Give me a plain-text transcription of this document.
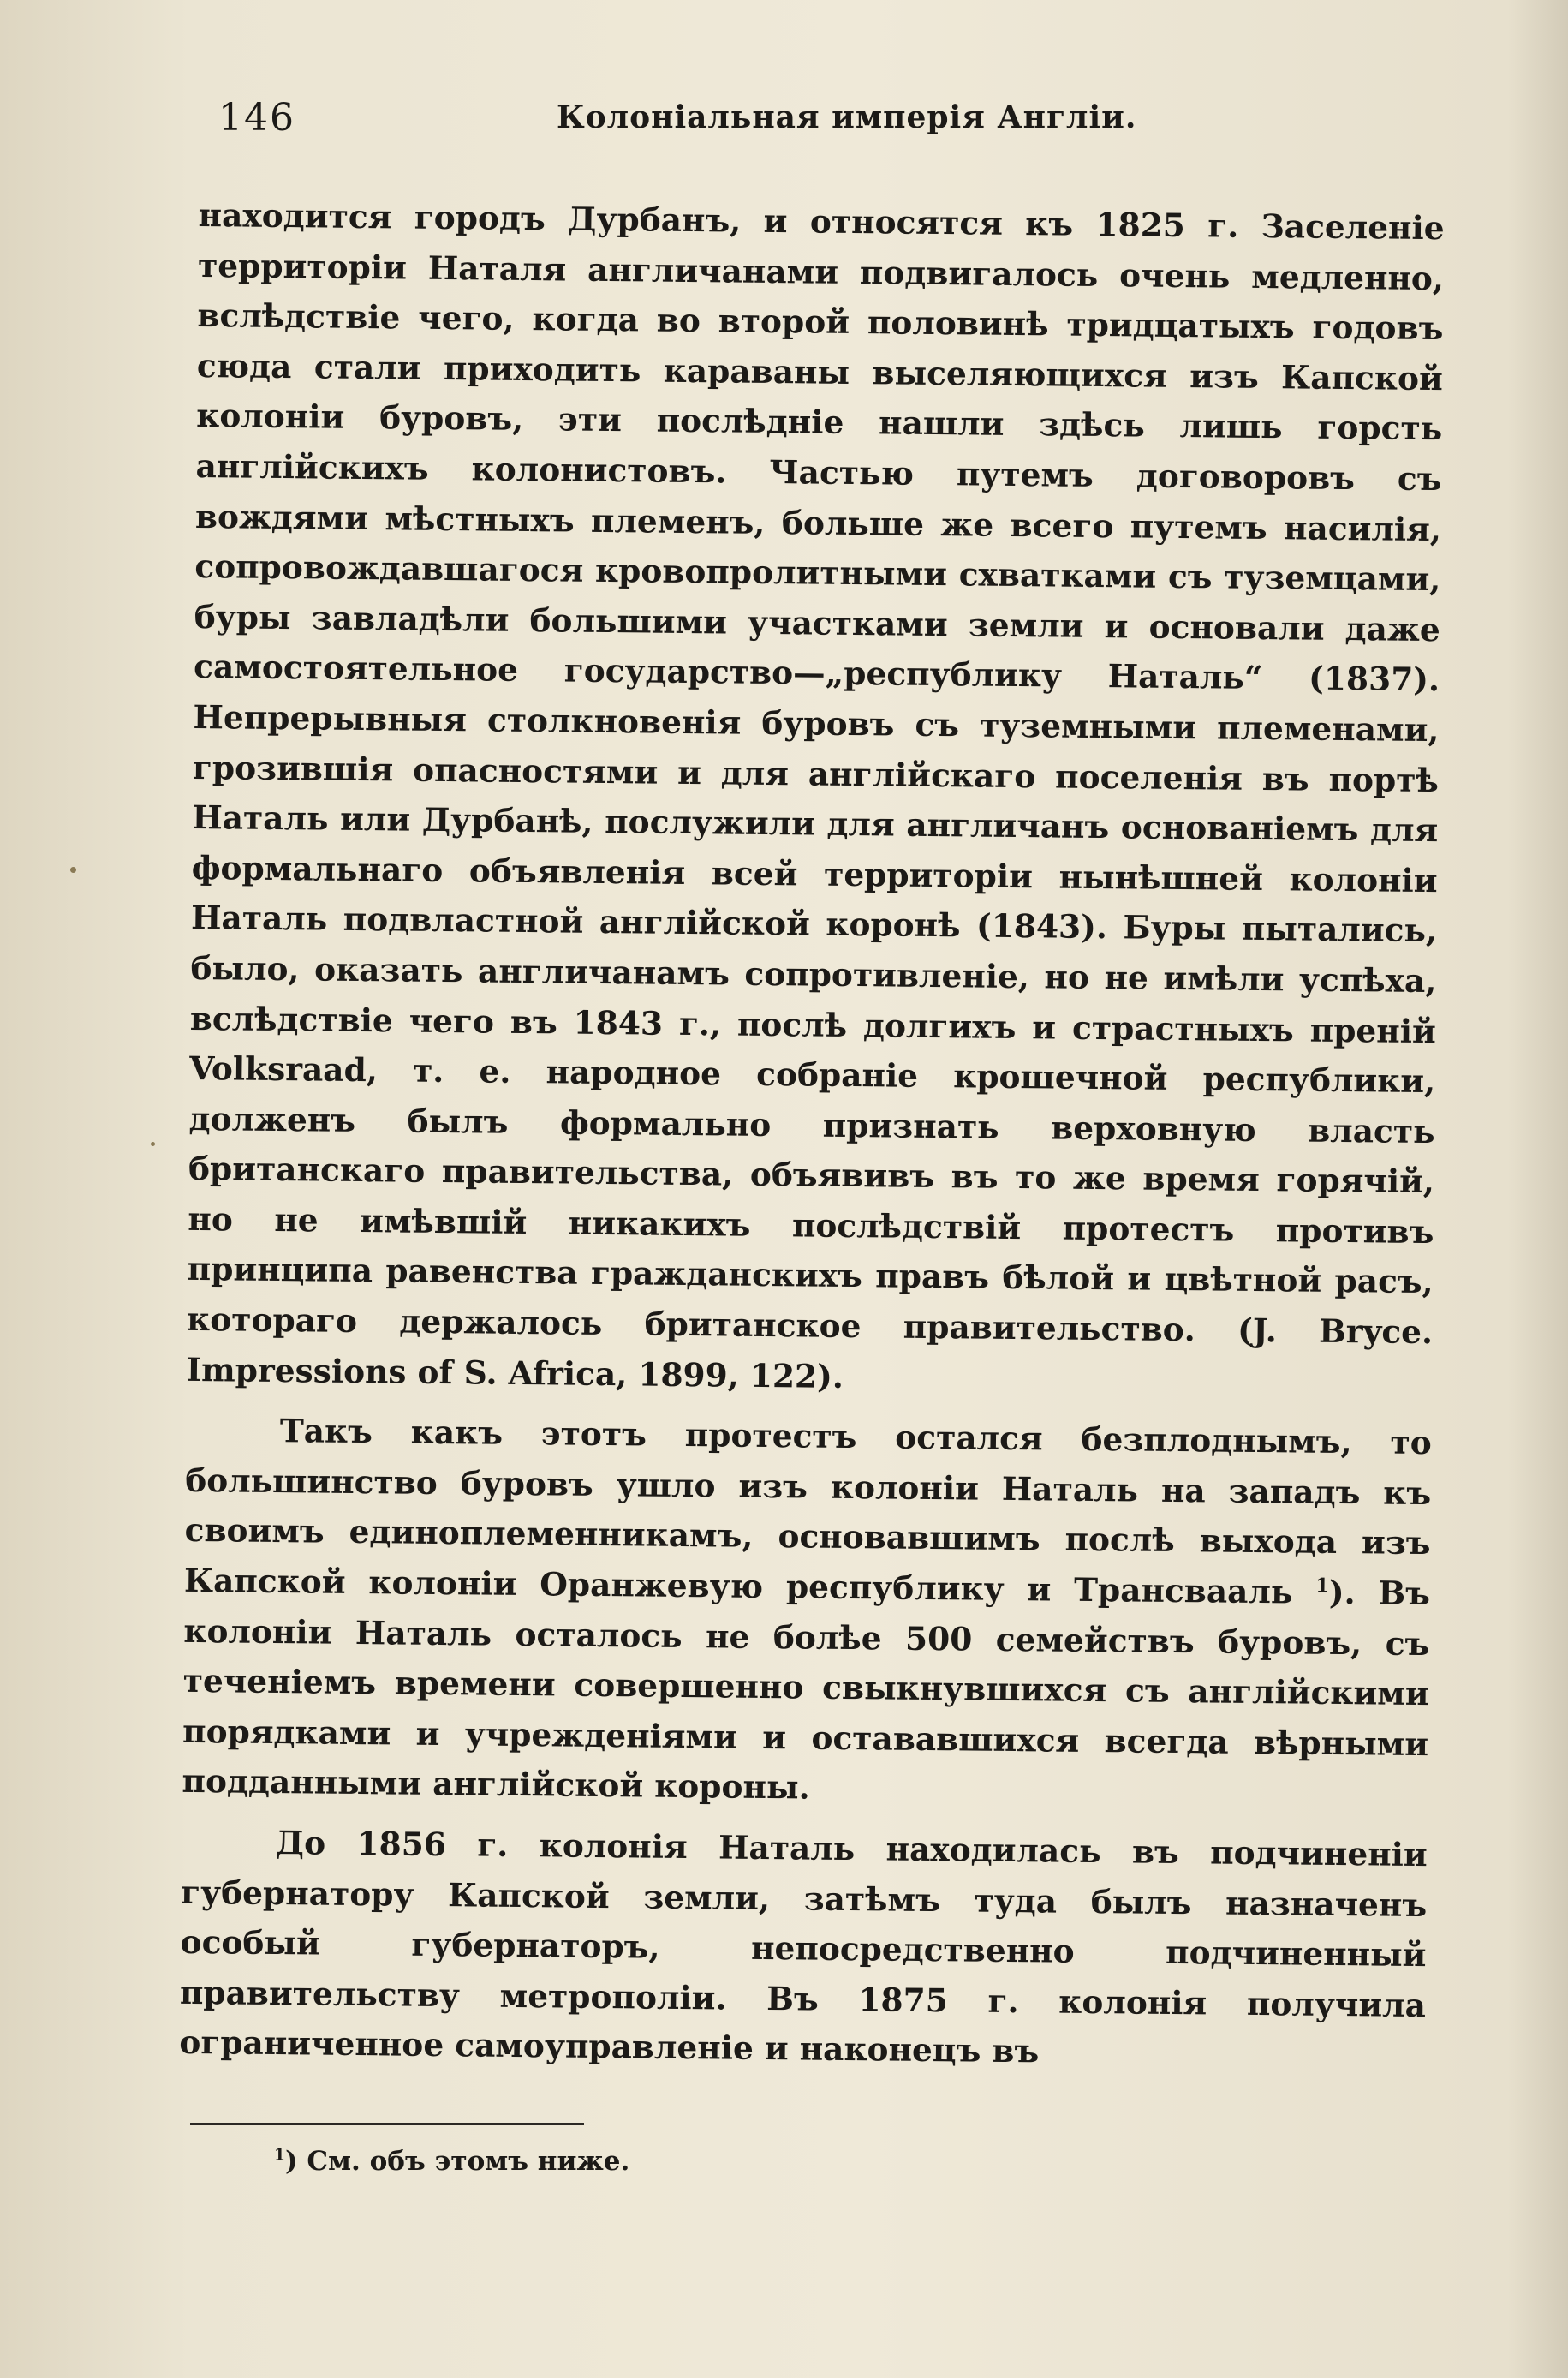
146	Колоніальная имперія Англіи.

находится городъ Дурбанъ, и относятся къ 1825 г. Заселеніе территоріи Наталя англичанами подвигалось очень медленно, вслѣдствіе чего, когда во второй половинѣ тридцатыхъ годовъ сюда стали приходить караваны выселяющихся изъ Капской колоніи буровъ, эти послѣдніе нашли здѣсь лишь горсть англійскихъ колонистовъ. Частью путемъ договоровъ съ вождями мѣстныхъ племенъ, больше же всего путемъ насилія, сопровождавшагося кровопролитными схватками съ туземцами, буры завладѣли большими участками земли и основали даже самостоятельное государство—„республику Наталь“ (1837). Непрерывныя столкновенія буровъ съ туземными племенами, грозившія опасностями и для англійскаго поселенія въ портѣ Наталь или Дурбанѣ, послужили для англичанъ основаніемъ для формальнаго объявленія всей территоріи нынѣшней колоніи Наталь подвластной англійской коронѣ (1843). Буры пытались, было, оказать англичанамъ сопротивленіе, но не имѣли успѣха, вслѣдствіе чего въ 1843 г., послѣ долгихъ и страстныхъ преній Volksraad, т. е. народное собраніе крошечной республики, долженъ былъ формально признать верховную власть британскаго правительства, объявивъ въ то же время горячій, но не имѣвшій никакихъ послѣдствій протестъ противъ принципа равенства гражданскихъ правъ бѣлой и цвѣтной расъ, котораго держалось британское правительство. (J. Bryce. Impressions of S. Africa, 1899, 122).

Такъ какъ этотъ протестъ остался безплоднымъ, то большинство буровъ ушло изъ колоніи Наталь на западъ къ своимъ единоплеменникамъ, основавшимъ послѣ выхода изъ Капской колоніи Оранжевую республику и Трансвааль $^1$). Въ колоніи Наталь осталось не болѣе 500 семействъ буровъ, съ теченіемъ времени совершенно свыкнувшихся съ англійскими порядками и учрежденіями и остававшихся всегда вѣрными подданными англійской короны.

До 1856 г. колонія Наталь находилась въ подчиненіи губернатору Капской земли, затѣмъ туда былъ назначенъ особый губернаторъ, непосредственно подчиненный правительству метрополіи. Въ 1875 г. колонія получила ограниченное самоуправленіе и наконецъ въ

$^1$) См. объ этомъ ниже.
